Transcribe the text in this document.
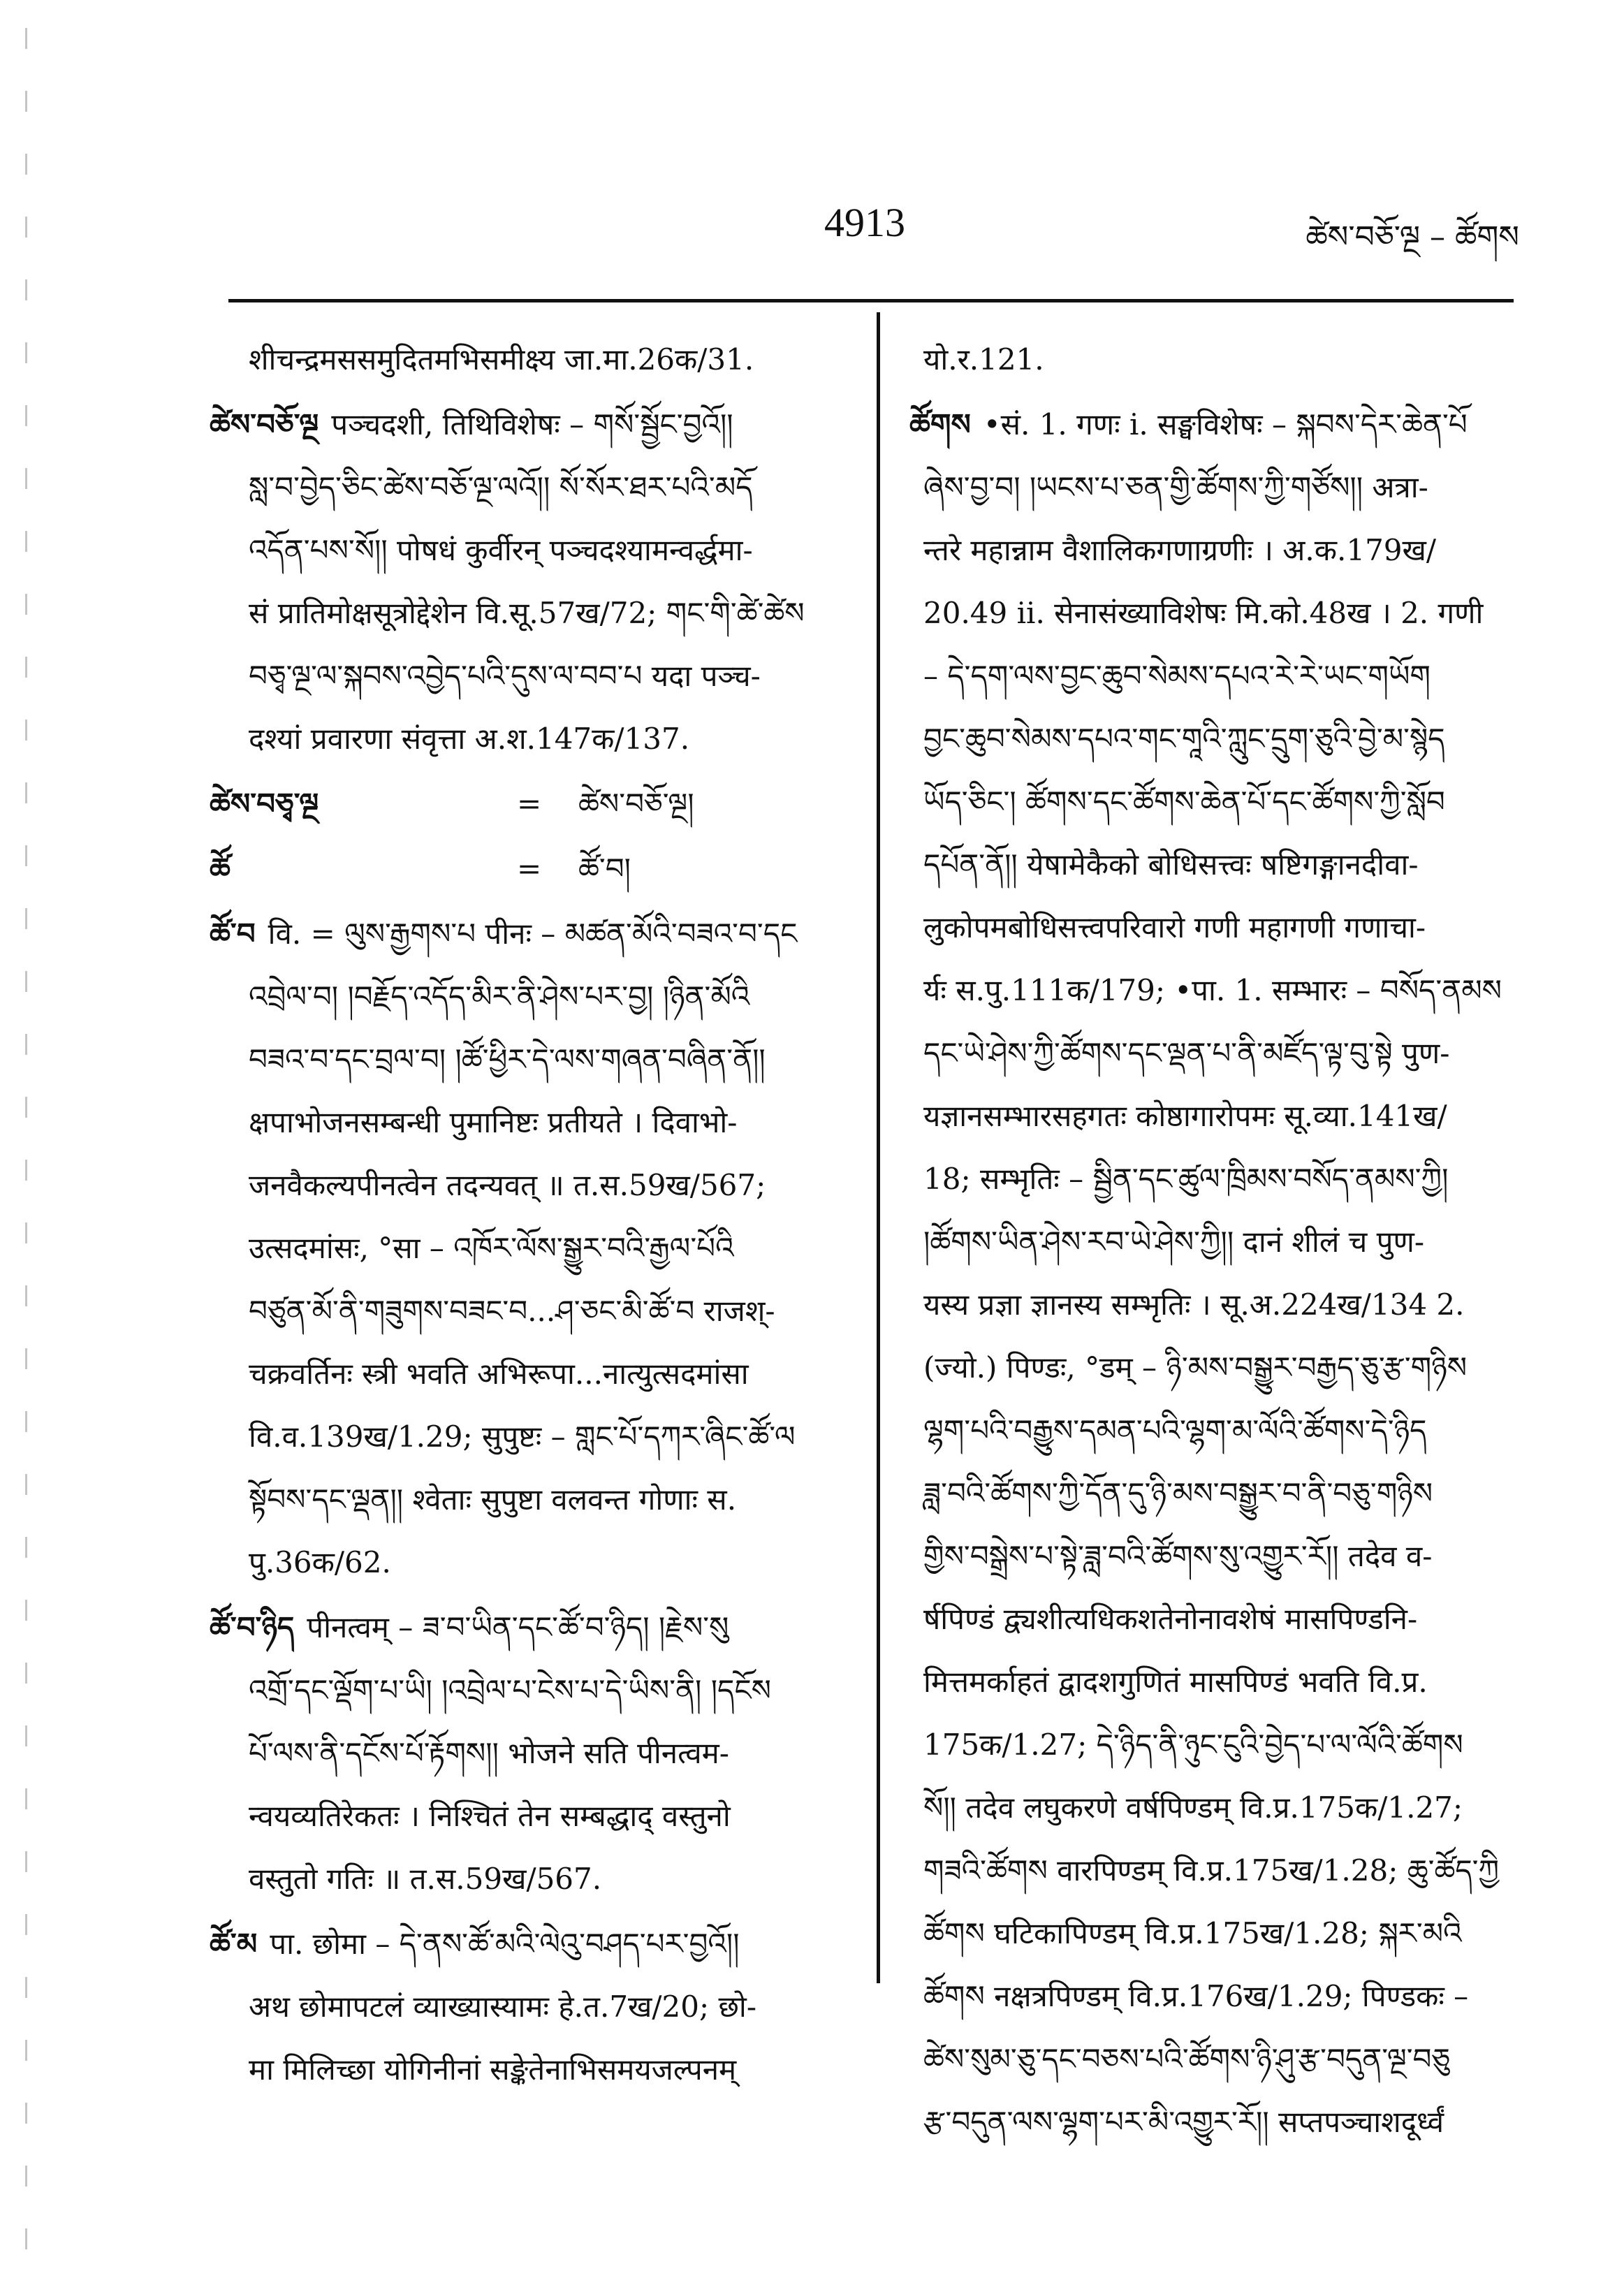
4913	ཚེས་བཅོ་ལྔ – ཚོགས
शीचन्द्रमससमुदितमभिसमीक्ष्य जा.मा.26क/31.
ཚེས་བཅོ་ལྔ पञ्चदशी, तिथिविशेषः – གསོ་སྦྱོང་བྱའོ།།
སླ་བ་བྱེད་ཅིང་ཚེས་བཅོ་ལྔ་ལའོ།། སོ་སོར་ཐར་པའི་མདོ
འདོན་པས་སོ།། पोषधं कुर्वीरन् पञ्चदश्यामन्वर्द्धमा-
सं प्रातिमोक्षसूत्रोद्देशेन वि.सू.57ख/72; གང་གི་ཚེ་ཚེས
བཅྭ་ལྔ་ལ་སྐབས་འབྱེད་པའི་དུས་ལ་བབ་པ यदा पञ्च-
दश्यां प्रवारणा संवृत्ता अ.श.147क/137.
ཚེས་བཅྭ་ལྔ	= ཚེས་བཅོ་ལྔ།
ཚོ	= ཚོ་བ།
ཚོ་བ वि. = ལུས་རྒྱགས་པ पीनः – མཚན་མོའི་བཟའ་བ་དང
འབྲེལ་བ། །བརྗོད་འདོད་མིར་ནི་ཤེས་པར་བྱ། །ཉིན་མོའི
བཟའ་བ་དང་བྲལ་བ། །ཚོ་ཕྱིར་དེ་ལས་གཞན་བཞིན་ནོ།།
क्षपाभोजनसम्बन्धी पुमानिष्टः प्रतीयते । दिवाभो-
जनवैकल्यपीनत्वेन तदन्यवत् ॥ त.स.59ख/567;
उत्सदमांसः, °सा – འཁོར་ལོས་སྒྱུར་བའི་རྒྱལ་པོའི
བཙུན་མོ་ནི་གཟུགས་བཟང་བ...ཤ་ཅང་མི་ཚོ་བ राजश्-
चक्रवर्तिनः स्त्री भवति अभिरूपा...नात्युत्सदमांसा
वि.व.139ख/1.29; सुपुष्टः – གླང་པོ་དཀར་ཞིང་ཚོ་ལ
སྟོབས་དང་ལྡན།། श्वेताः सुपुष्टा वलवन्त गोणाः स.
पु.36क/62.
ཚོ་བ་ཉིད पीनत्वम् – ཟ་བ་ཡིན་དང་ཚོ་བ་ཉིད། །རྗེས་སུ
འགྲོ་དང་ལྡོག་པ་ཡི། །འབྲེལ་པ་ངེས་པ་དེ་ཡིས་ནི། །དངོས
པོ་ལས་ནི་དངོས་པོ་རྟོགས།། भोजने सति पीनत्वम-
न्वयव्यतिरेकतः । निश्चितं तेन सम्बद्धाद् वस्तुनो
वस्तुतो गतिः ॥ त.स.59ख/567.
ཚོ་མ पा. छोमा – དེ་ནས་ཚོ་མའི་ལེའུ་བཤད་པར་བྱའོ།།
अथ छोमापटलं व्याख्यास्यामः हे.त.7ख/20; छो-
मा मिलिच्छा योगिनीनां सङ्केतेनाभिसमयजल्पनम्
यो.र.121.
ཚོགས •सं. 1. गणः i. सङ्घविशेषः – སྐབས་དེར་ཆེན་པོ
ཞེས་བྱ་བ། །ཡངས་པ་ཅན་གྱི་ཚོགས་ཀྱི་གཙོས།། अत्रा-
न्तरे महान्नाम वैशालिकगणाग्रणीः । अ.क.179ख/
20.49 ii. सेनासंख्याविशेषः मि.को.48ख । 2. गणी
– དེ་དག་ལས་བྱང་ཆུབ་སེམས་དཔའ་རེ་རེ་ཡང་གཡོག
བྱང་ཆུབ་སེམས་དཔའ་གང་གཱའི་ཀླུང་དྲུག་ཅུའི་བྱེ་མ་སྙེད
ཡོད་ཅིང་། ཚོགས་དང་ཚོགས་ཆེན་པོ་དང་ཚོགས་ཀྱི་སློབ
དཔོན་ནོ།། येषामेकैको बोधिसत्त्वः षष्टिगङ्गानदीवा-
लुकोपमबोधिसत्त्वपरिवारो गणी महागणी गणाचा-
र्यः स.पु.111क/179; •पा. 1. सम्भारः – བསོད་ནམས
དང་ཡེ་ཤེས་ཀྱི་ཚོགས་དང་ལྡན་པ་ནི་མཛོད་ལྟ་བུ་སྟེ पुण-
यज्ञानसम्भारसहगतः कोष्ठागारोपमः सू.व्या.141ख/
18; सम्भृतिः – སྦྱིན་དང་ཚུལ་ཁྲིམས་བསོད་ནམས་ཀྱི།
།ཚོགས་ཡིན་ཤེས་རབ་ཡེ་ཤེས་ཀྱི།། दानं शीलं च पुण-
यस्य प्रज्ञा ज्ञानस्य सम्भृतिः । सू.अ.224ख/134 2.
(ज्यो.) पिण्डः, °डम् – ཉི་མས་བསྒྱུར་བརྒྱད་ཅུ་རྩ་གཉིས
ལྷག་པའི་བརྒྱུས་དམན་པའི་ལྷག་མ་ལོའི་ཚོགས་དེ་ཉིད
ཟླ་བའི་ཚོགས་ཀྱི་དོན་དུ་ཉི་མས་བསྒྱུར་བ་ནི་བཅུ་གཉིས
གྱིས་བསྒྲེས་པ་སྟེ་ཟླ་བའི་ཚོགས་སུ་འགྱུར་རོ།། तदेव व-
र्षपिण्डं द्व्यशीत्यधिकशतेनोनावशेषं मासपिण्डनि-
मित्तमर्काहतं द्वादशगुणितं मासपिण्डं भवति वि.प्र.
175क/1.27; དེ་ཉིད་ནི་ཉུང་ངུའི་བྱེད་པ་ལ་ལོའི་ཚོགས
སོ།། तदेव लघुकरणे वर्षपिण्डम् वि.प्र.175क/1.27;
གཟའི་ཚོགས वारपिण्डम् वि.प्र.175ख/1.28; ཆུ་ཚོད་ཀྱི
ཚོགས घटिकापिण्डम् वि.प्र.175ख/1.28; སྐར་མའི
ཚོགས नक्षत्रपिण्डम् वि.प्र.176ख/1.29; पिण्डकः –
ཚེས་སུམ་ཅུ་དང་བཅས་པའི་ཚོགས་ཉི་ཤུ་རྩ་བདུན་ལྔ་བཅུ
རྩ་བདུན་ལས་ལྷག་པར་མི་འགྱུར་རོ།། सप्तपञ्चाशदूर्ध्वं
